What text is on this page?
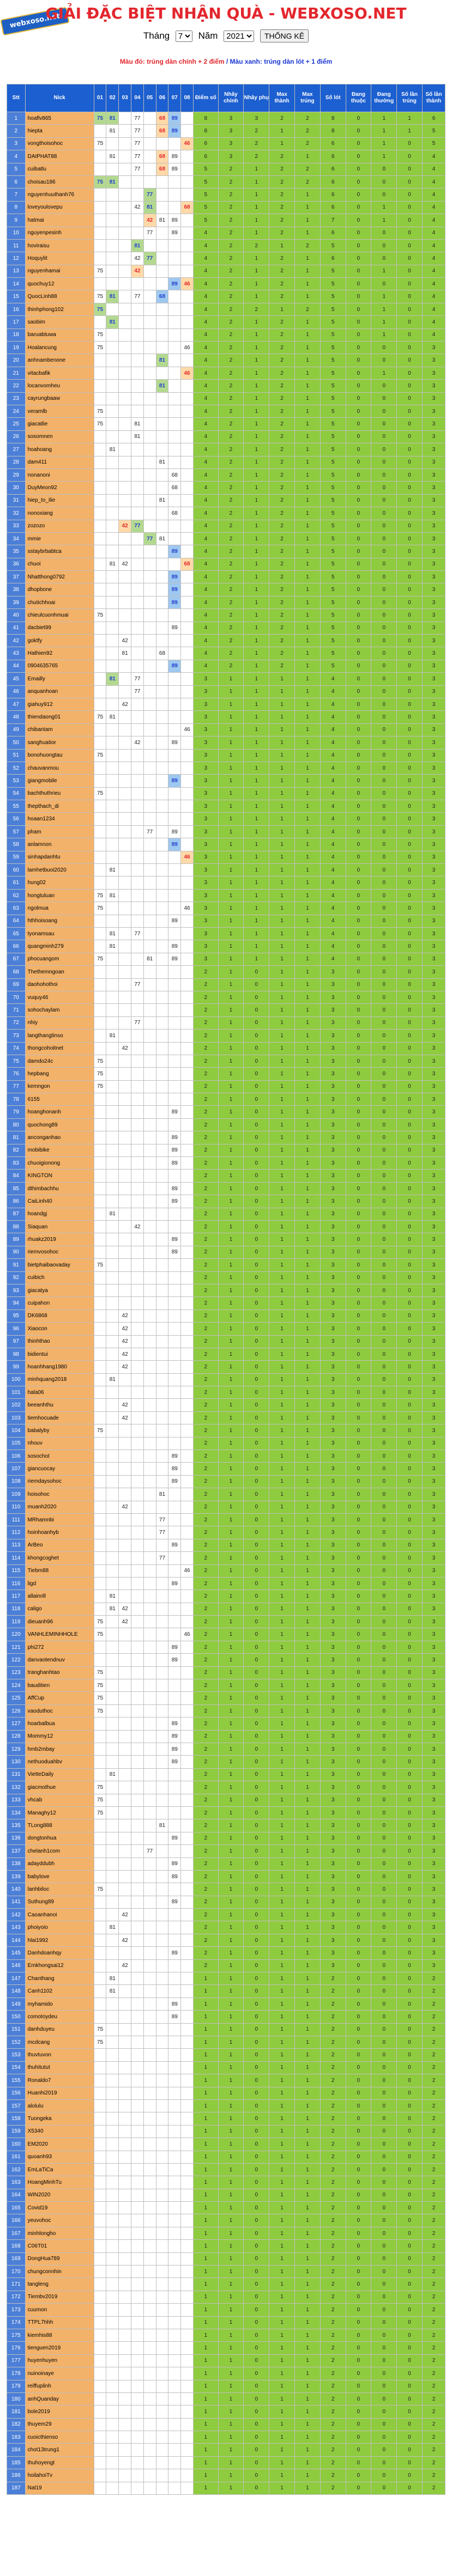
webxoso.net
GIẢI ĐẶC BIỆT NHẬN QUÀ - WEBXOSO.NET
Tháng
7	Năm
2021	THỐNG KÊ
Màu đỏ: trúng dàn chính + 2 điểm / Màu xanh: trúng dàn lót + 1 điểm
Stt	Nick	01	02	03	04	05	06	07	08	Điểm số	Nhây chính	Nhây phụ	Max thành	Max trúng	Số lót	Đang thuộc	Đang thường	Số lần trúng	Số lần thành
1	hoaflv865	75	81		77		68	89		8	3	3	2	2	8	0	1	1	6
2	hiepta		81		77		68	89		8	3	2	1	2	8	0	1	1	5
3	vongthoisohoc	75			77				46	6	3	2	1	2	6	0	1	0	5
4	DAIPHAT88		81		77		68	89		6	3	2	2	1	6	0	1	0	4
5	cuibatlu				77		68	89		5	2	1	2	2	6	0	0	0	4
6	choisau186	75	81							5	2	1	2	2	6	0	0	0	4
7	nguyenhuuthanh76					77				5	2	1	2	1	6	0	0	0	4
8	loveyoulovepu				42	81			68	5	2	1	2	1	6	0	1	0	4
9	hatmai					42	81	89		5	2	1	2	1	7	0	1	0	4
10	nguyenpesinh					77		89		4	2	1	2	1	6	0	0	0	4
11	hoviraisu				81					4	2	2	1	2	5	0	0	0	4
12	Hoquylit				42	77				4	2	1	2	1	6	0	0	0	4
13	nguyenhamai	75			42					4	2	1	2	1	5	0	1	0	4
14	quochuy12							89	46	4	2	1	2	1	5	0	0	0	4
15	QuocLinh88	75	81		77		68			4	2	1	2	1	5	0	1	0	4
16	thinhphong102	75								4	2	2	1	2	5	0	1	0	4
17	saobim		81							4	2	1	2	1	5	0	1	0	4
18	baruabtuwa	75								4	2	1	2	1	5	0	1	0	4
19	Hoalancung	75							46	4	2	1	2	1	5	0	0	0	3
20	anhnambenone						81			4	2	1	2	1	5	0	0	0	3
21	vitacbafik								46	4	2	1	2	1	5	0	1	0	3
22	locanvomheu						81			4	2	1	2	1	5	0	0	0	3
23	cayrungbaaw									4	2	1	2	1	5	0	0	0	3
24	veramlb	75								4	2	1	2	1	5	0	0	0	3
25	giacatlie	75			81					4	2	1	2	1	5	0	0	0	3
26	sosomnen				81					4	2	1	2	1	5	0	0	0	3
27	hoahoang		81							4	2	1	2	1	5	0	0	0	3
28	dam411						81			4	2	1	2	1	5	0	0	0	3
29	nonanoni							68		4	2	1	2	1	5	0	0	0	3
30	DuyMeon92							68		4	2	1	2	1	5	0	0	0	3
31	hiep_to_ilie						81			4	2	1	2	1	5	0	0	0	3
32	nonoxiang							68		4	2	1	2	1	5	0	0	0	3
33	zozozo			42	77					4	2	1	2	1	5	0	0	0	3
34	mmie					77	81			4	2	1	2	1	5	0	0	0	3
35	sstaybrbabtca							89		4	2	1	2	1	5	0	0	0	3
36	chuoi		81	42					68	4	2	1	2	1	5	0	0	0	3
37	Nhatthong0792							89		4	2	1	2	1	5	0	0	0	3
38	dhopbone							89		4	2	1	2	1	5	0	0	0	3
39	chutichhoai							89		4	2	1	2	1	5	0	0	0	3
40	chieulcuonhmuai	75								4	2	1	2	1	5	0	0	0	3
41	dacbiet99							89		4	2	1	2	1	5	0	0	0	3
42	goktfy			42						4	2	1	2	1	5	0	0	0	3
43	Hathien92			81			68			4	2	1	2	1	5	0	0	0	3
44	0904635765							89		4	2	1	2	1	5	0	0	0	3
45	Emailly		81		77					3	1	1	1	1	4	0	0	0	3
46	anquanhoan				77					3	1	1	1	1	4	0	0	0	3
47	giahuy912			42						3	1	1	1	1	4	0	0	0	3
48	thiendaong01	75	81							3	1	1	1	1	4	0	0	0	3
49	chibantam								46	3	1	1	1	1	4	0	0	0	3
50	sanghuatior				42			89		3	1	1	1	1	4	0	0	0	3
51	bonohuongtau	75								3	1	1	1	1	4	0	0	0	3
52	chauvanmou									3	1	1	1	1	4	0	0	0	3
53	giangmobile							89		3	1	1	1	1	4	0	0	0	3
54	bachthuthrieu	75								3	1	1	1	1	4	0	0	0	3
55	thepthach_di									3	1	1	1	1	4	0	0	0	3
56	hoaan1234									3	1	1	1	1	4	0	0	0	3
57	pham					77		89		3	1	1	1	1	4	0	0	0	3
58	anlamnon							89		3	1	1	1	1	4	0	0	0	3
59	sinhapdanhtu								46	3	1	1	1	1	4	0	0	0	3
60	lamhetbuoi2020		81							3	1	1	1	1	4	0	0	0	3
61	hung02									3	1	1	1	1	4	0	0	0	3
62	hongtuluan	75	81							3	1	1	1	1	4	0	0	0	3
63	ngolmua	75							46	3	1	1	1	1	4	0	0	0	3
64	hthhoisoang							89		3	1	1	1	1	4	0	0	0	3
65	tyonamsau		81		77					3	1	1	1	1	4	0	0	0	3
66	quangminh279		81					89		3	1	1	1	1	4	0	0	0	3
67	phocuangom	75				81		89		3	1	1	1	1	4	0	0	0	3
68	Thethemngoan									2	1	0	1	1	3	0	0	0	3
69	daohohothoi				77					2	1	0	1	1	3	0	0	0	3
70	vuquy46									2	1	0	1	1	3	0	0	0	3
71	sohochaylam									2	1	0	1	1	3	0	0	0	3
72	nhiy				77					2	1	0	1	1	3	0	0	0	3
73	langthangtinso		81							2	1	0	1	1	3	0	0	0	3
74	thongcohoitnet			42						2	1	0	1	1	3	0	0	0	3
75	damdo24c	75								2	1	0	1	1	3	0	0	0	3
76	hepbang	75								2	1	0	1	1	3	0	0	0	3
77	kemngon	75								2	1	0	1	1	3	0	0	0	3
78	6155									2	1	0	1	1	3	0	0	0	3
79	hoanghonanh							89		2	1	0	1	1	3	0	0	0	3
80	quochong89									2	1	0	1	1	3	0	0	0	3
81	anconganhao							89		2	1	0	1	1	3	0	0	0	3
82	mobibike							89		2	1	0	1	1	3	0	0	0	3
83	chuoigionong							89		2	1	0	1	1	3	0	0	0	3
84	KINGTON									2	1	0	1	1	3	0	0	0	3
85	dthimbachhu							89		2	1	0	1	1	3	0	0	0	3
86	CaiLinh40							89		2	1	0	1	1	3	0	0	0	3
87	hoandgj		81							2	1	0	1	1	3	0	0	0	3
88	Siaquan				42					2	1	0	1	1	3	0	0	0	3
89	rhuakz2019							89		2	1	0	1	1	3	0	0	0	3
90	riemvosohoc							89		2	1	0	1	1	3	0	0	0	3
91	bietphaibaovaday	75								2	1	0	1	1	3	0	0	0	3
92	cuibich									2	1	0	1	1	3	0	0	0	3
93	giacatya									2	1	0	1	1	3	0	0	0	3
94	cuipahon									2	1	0	1	1	3	0	0	0	3
95	DK6868			42						2	1	0	1	1	3	0	0	0	3
96	Xiaocon			42						2	1	0	1	1	3	0	0	0	3
97	thinhthao			42						2	1	0	1	1	3	0	0	0	3
98	bidientui			42						2	1	0	1	1	3	0	0	0	3
99	hoanhhang1980			42						2	1	0	1	1	3	0	0	0	3
100	minhquang2018		81							2	1	0	1	1	3	0	0	0	3
101	hala06									2	1	0	1	1	3	0	0	0	3
102	beeanhthu			42						2	1	0	1	1	3	0	0	0	3
103	tiemhocuade			42						2	1	0	1	1	3	0	0	0	3
104	babalyby	75								2	1	0	1	1	3	0	0	0	3
105	nhouv									2	1	0	1	1	3	0	0	0	3
106	sosochot							89		2	1	0	1	1	3	0	0	0	3
107	giancuocay							89		2	1	0	1	1	3	0	0	0	3
108	riemdaysohoc							89		2	1	0	1	1	3	0	0	0	3
109	hoisohoc						81			2	1	0	1	1	3	0	0	0	3
110	muanh2020			42						2	1	0	1	1	3	0	0	0	3
111	MRhamnbi						77			2	1	0	1	1	3	0	0	0	3
112	hoinhoanhyb						77			2	1	0	1	1	3	0	0	0	3
113	ArBeo							89		2	1	0	1	1	3	0	0	0	3
114	khongcoghet						77			2	1	0	1	1	3	0	0	0	3
115	Tiebm88								46	2	1	0	1	1	3	0	0	0	3
116	ligd							89		2	1	0	1	1	3	0	0	0	3
117	allainrill		81							2	1	0	1	1	3	0	0	0	3
118	caligo		81	42						2	1	0	1	1	3	0	0	0	3
119	dieuanh96	75		42						2	1	0	1	1	3	0	0	0	3
120	VANHLEMINHHOLE	75							46	2	1	0	1	1	3	0	0	0	3
121	phi272							89		2	1	0	1	1	3	0	0	0	3
122	danvaotendnuv							89		2	1	0	1	1	3	0	0	0	3
123	tranghanhtao	75								2	1	0	1	1	3	0	0	0	3
124	bauditien	75								2	1	0	1	1	3	0	0	0	3
125	AffCup	75								2	1	0	1	1	3	0	0	0	3
126	vaoduthoc	75								2	1	0	1	1	3	0	0	0	3
127	hoarbalbua							89		2	1	0	1	1	3	0	0	0	3
128	Mommy12							89		2	1	0	1	1	3	0	0	0	3
129	hmb2mbay							89		2	1	0	1	1	3	0	0	0	3
130	nethuoduahbv							89		2	1	0	1	1	3	0	0	0	3
131	VietteDaily		81							2	1	0	1	1	3	0	0	0	3
132	giacmothue	75								2	1	0	1	1	3	0	0	0	3
133	vhcab	75								2	1	0	1	1	3	0	0	0	3
134	Managhy12	75								2	1	0	1	1	3	0	0	0	3
135	TLong888						81			2	1	0	1	1	3	0	0	0	3
136	dongtonhua							89		2	1	0	1	1	3	0	0	0	3
137	chelanh1com					77				2	1	0	1	1	3	0	0	0	3
138	adayddubh							89		2	1	0	1	1	3	0	0	0	3
139	babylove							89		2	1	0	1	1	3	0	0	0	3
140	lanhbiloc	75								2	1	0	1	1	3	0	0	0	3
141	Suthung89							89		2	1	0	1	1	3	0	0	0	3
142	Caoanhanoi			42						2	1	0	1	1	3	0	0	0	3
143	phoiyoio		81							2	1	0	1	1	3	0	0	0	3
144	hlai1992			42						2	1	0	1	1	3	0	0	0	3
145	Danhdoanhqy							89		2	1	0	1	1	3	0	0	0	3
146	Emkhongsai12			42						2	1	0	1	1	3	0	0	0	3
147	Chanthang		81							1	1	0	1	1	2	0	0	0	2
148	Canh1102		81							1	1	0	1	1	2	0	0	0	2
149	myhamido							89		1	1	0	1	1	2	0	0	0	2
150	comotoydeu							89		1	1	0	1	1	2	0	0	0	2
151	danhduyeu	75								1	1	0	1	1	2	0	0	0	2
152	mcdcang	75								1	1	0	1	1	2	0	0	0	2
153	thuvtuvon									1	1	0	1	1	2	0	0	0	2
154	thuhitutut									1	1	0	1	1	2	0	0	0	2
155	Ronaldo7									1	1	0	1	1	2	0	0	0	2
156	Huanhi2019									1	1	0	1	1	2	0	0	0	2
157	alolulu									1	1	0	1	1	2	0	0	0	2
158	Tuongeka									1	1	0	1	1	2	0	0	0	2
159	X5340									1	1	0	1	1	2	0	0	0	2
160	EM2020									1	1	0	1	1	2	0	0	0	2
161	quoanh93									1	1	0	1	1	2	0	0	0	2
162	EmLaTiCa									1	1	0	1	1	2	0	0	0	2
163	HoangMinhTu									1	1	0	1	1	2	0	0	0	2
164	WIN2020									1	1	0	1	1	2	0	0	0	2
165	Covid19									1	1	0	1	1	2	0	0	0	2
166	yeuvohoc									1	1	0	1	1	2	0	0	0	2
167	minhlongho									1	1	0	1	1	2	0	0	0	2
168	C06T01									1	1	0	1	1	2	0	0	0	2
169	DongHua789									1	1	0	1	1	2	0	0	0	2
170	chungconnhin									1	1	0	1	1	2	0	0	0	2
171	tangleng									1	1	0	1	1	2	0	0	0	2
172	Tiembv2019									1	1	0	1	1	2	0	0	0	2
173	cuumon									1	1	0	1	1	2	0	0	0	2
174	TTPL7hhh									1	1	0	1	1	2	0	0	0	2
175	kiemhis88									1	1	0	1	1	2	0	0	0	2
176	tienguen2019									1	1	0	1	1	2	0	0	0	2
177	huyenhuyen									1	1	0	1	1	2	0	0	0	2
178	nuinoinaye									1	1	0	1	1	2	0	0	0	2
179	reiffuplinh									1	1	0	1	1	2	0	0	0	2
180	anhQuanday									1	1	0	1	1	2	0	0	0	2
181	bole2019									1	1	0	1	1	2	0	0	0	2
182	thuyem29									1	1	0	1	1	2	0	0	0	2
183	cuoicthienso									1	1	0	1	1	2	0	0	0	2
184	chot13trung1									1	1	0	1	1	2	0	0	0	2
185	thuhoyengt									1	1	0	1	1	2	0	0	0	2
186	hoilahoiTv									1	1	0	1	1	2	0	0	0	2
187	Nal19									1	1	0	1	1	2	0	0	0	2
